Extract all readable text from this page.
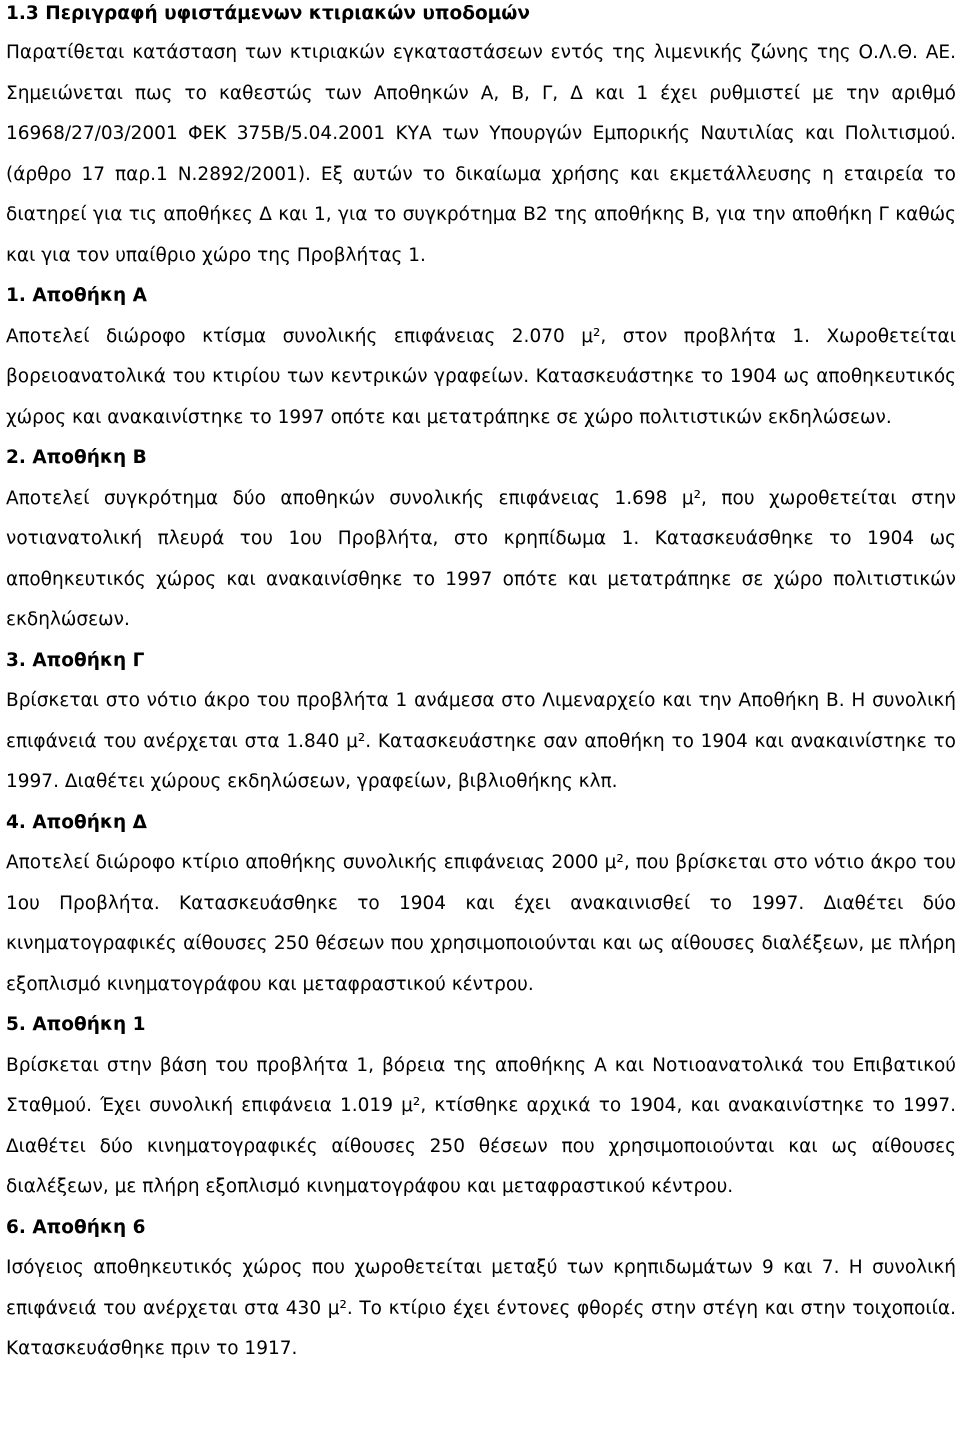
1.3 Περιγραφή υφιστάμενων κτιριακών υποδομών

Παρατίθεται κατάσταση των κτιριακών εγκαταστάσεων εντός της λιμενικής ζώνης της Ο.Λ.Θ. ΑΕ. Σημειώνεται πως το καθεστώς των Αποθηκών Α, Β, Γ, Δ και 1 έχει ρυθμιστεί με την αριθμό 16968/27/03/2001 ΦΕΚ 375Β/5.04.2001 ΚΥΑ των Υπουργών Εμπορικής Ναυτιλίας και Πολιτισμού. (άρθρο 17 παρ.1 Ν.2892/2001). Εξ αυτών το δικαίωμα χρήσης και εκμετάλλευσης η εταιρεία το διατηρεί για τις αποθήκες Δ και 1, για το συγκρότημα Β2 της αποθήκης Β, για την αποθήκη Γ καθώς και για τον υπαίθριο χώρο της Προβλήτας 1.

1. Αποθήκη Α

Αποτελεί διώροφο κτίσμα συνολικής επιφάνειας 2.070 μ², στον προβλήτα 1. Χωροθετείται βορειοανατολικά του κτιρίου των κεντρικών γραφείων. Κατασκευάστηκε το 1904 ως αποθηκευτικός χώρος και ανακαινίστηκε το 1997 οπότε και μετατράπηκε σε χώρο πολιτιστικών εκδηλώσεων.

2. Αποθήκη Β

Αποτελεί συγκρότημα δύο αποθηκών συνολικής επιφάνειας 1.698 μ², που χωροθετείται στην νοτιανατολική πλευρά του 1ου Προβλήτα, στο κρηπίδωμα 1. Κατασκευάσθηκε το 1904 ως αποθηκευτικός χώρος και ανακαινίσθηκε το 1997 οπότε και μετατράπηκε σε χώρο πολιτιστικών εκδηλώσεων.

3. Αποθήκη Γ

Βρίσκεται στο νότιο άκρο του προβλήτα 1 ανάμεσα στο Λιμεναρχείο και την Αποθήκη Β. Η συνολική επιφάνειά του ανέρχεται στα 1.840 μ². Κατασκευάστηκε σαν αποθήκη το 1904 και ανακαινίστηκε το 1997. Διαθέτει χώρους εκδηλώσεων, γραφείων, βιβλιοθήκης κλπ.

4. Αποθήκη Δ

Αποτελεί διώροφο κτίριο αποθήκης συνολικής επιφάνειας 2000 μ², που βρίσκεται στο νότιο άκρο του 1ου Προβλήτα. Κατασκευάσθηκε το 1904 και έχει ανακαινισθεί το 1997. Διαθέτει δύο κινηματογραφικές αίθουσες 250 θέσεων που χρησιμοποιούνται και ως αίθουσες διαλέξεων, με πλήρη εξοπλισμό κινηματογράφου και μεταφραστικού κέντρου.

5. Αποθήκη 1

Βρίσκεται στην βάση του προβλήτα 1, βόρεια της αποθήκης Α και Νοτιοανατολικά του Επιβατικού Σταθμού. Έχει συνολική επιφάνεια 1.019 μ², κτίσθηκε αρχικά το 1904, και ανακαινίστηκε το 1997. Διαθέτει δύο κινηματογραφικές αίθουσες 250 θέσεων που χρησιμοποιούνται και ως αίθουσες διαλέξεων, με πλήρη εξοπλισμό κινηματογράφου και μεταφραστικού κέντρου.

6. Αποθήκη 6

Ισόγειος αποθηκευτικός χώρος που χωροθετείται μεταξύ των κρηπιδωμάτων 9 και 7. Η συνολική επιφάνειά του ανέρχεται στα 430 μ². Το κτίριο έχει έντονες φθορές στην στέγη και στην τοιχοποιία. Κατασκευάσθηκε πριν το 1917.
